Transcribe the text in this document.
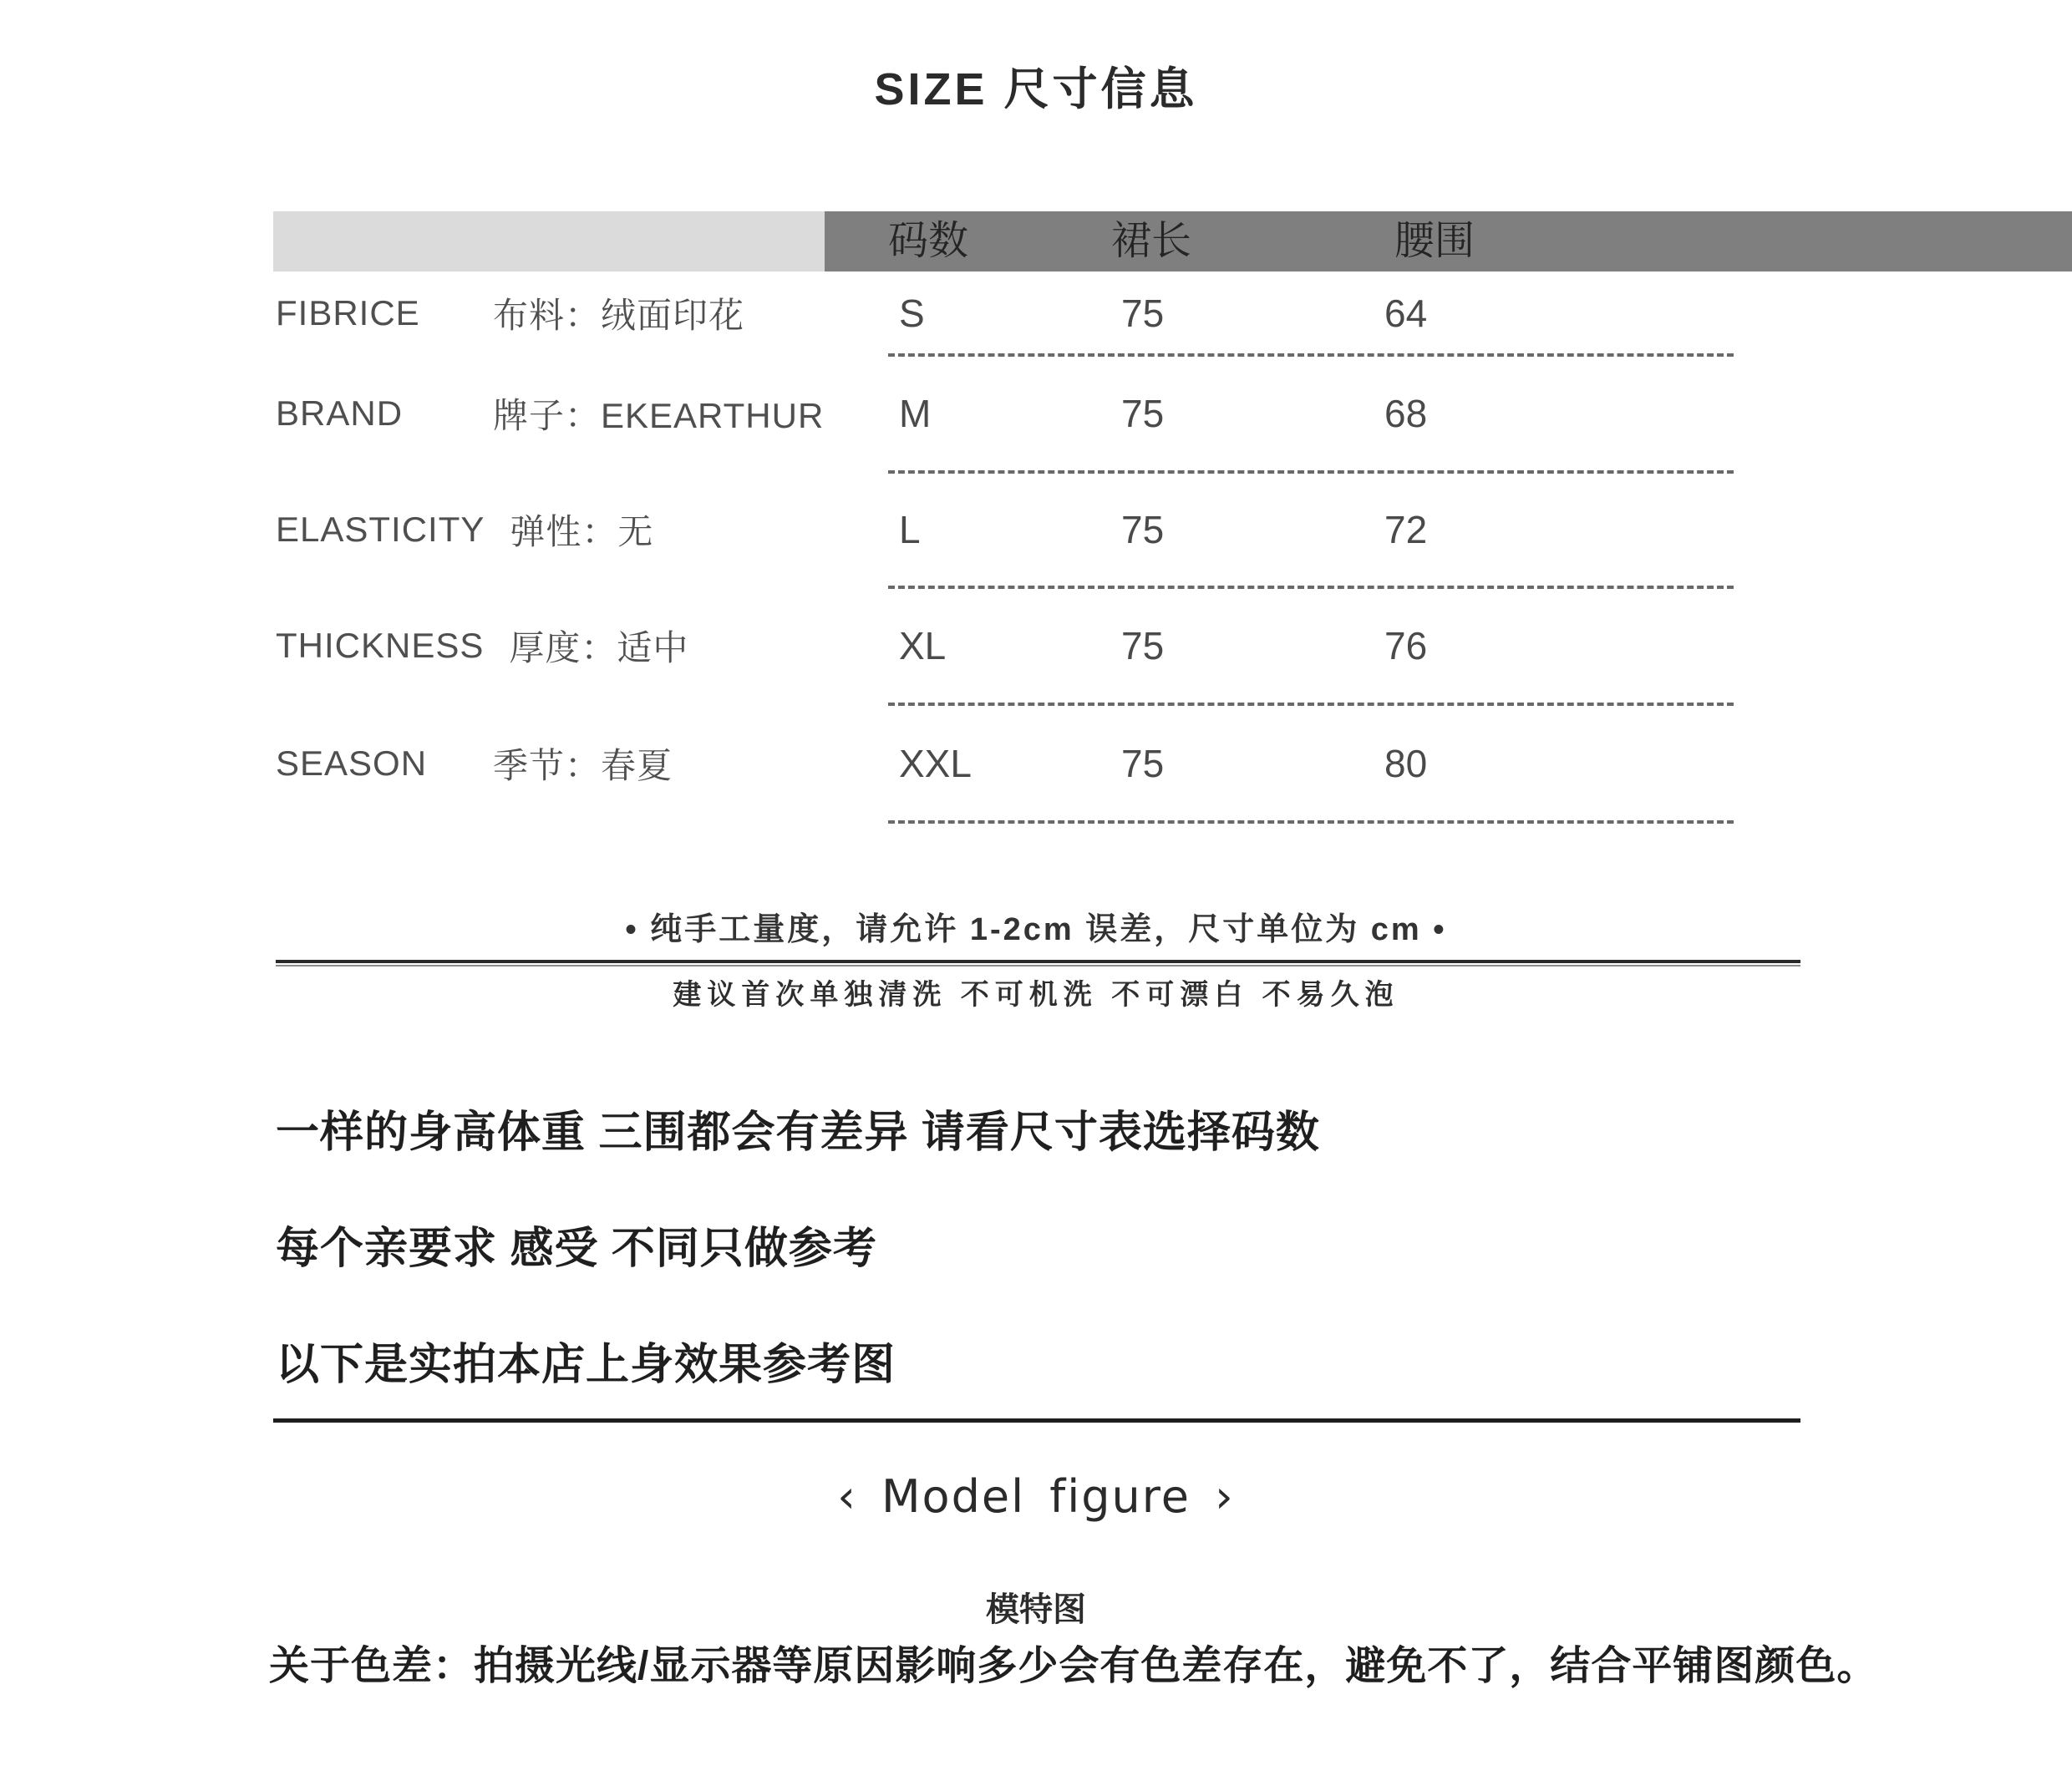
SIZE 尺寸信息
码数	裙长	腰围
FIBRICE	布料：绒面印花	S	75	64
BRAND	牌子：EKEARTHUR M	75	68
ELASTICITY 弹性：无	L	75	72
THICKNESS 厚度：适中	XL	75	76
SEASON	季节：春夏	XXL	75	80
• 纯手工量度，请允许 1-2cm 误差，尺寸单位为 cm •
建议首次单独清洗 不可机洗 不可漂白 不易久泡
一样的身高体重 三围都会有差异 请看尺寸表选择码数
每个亲要求 感受 不同只做参考
以下是实拍本店上身效果参考图
‹ Model figure ›
模特图
关于色差：拍摄光线/显示器等原因影响多少会有色差存在，避免不了，结合平铺图颜色。
